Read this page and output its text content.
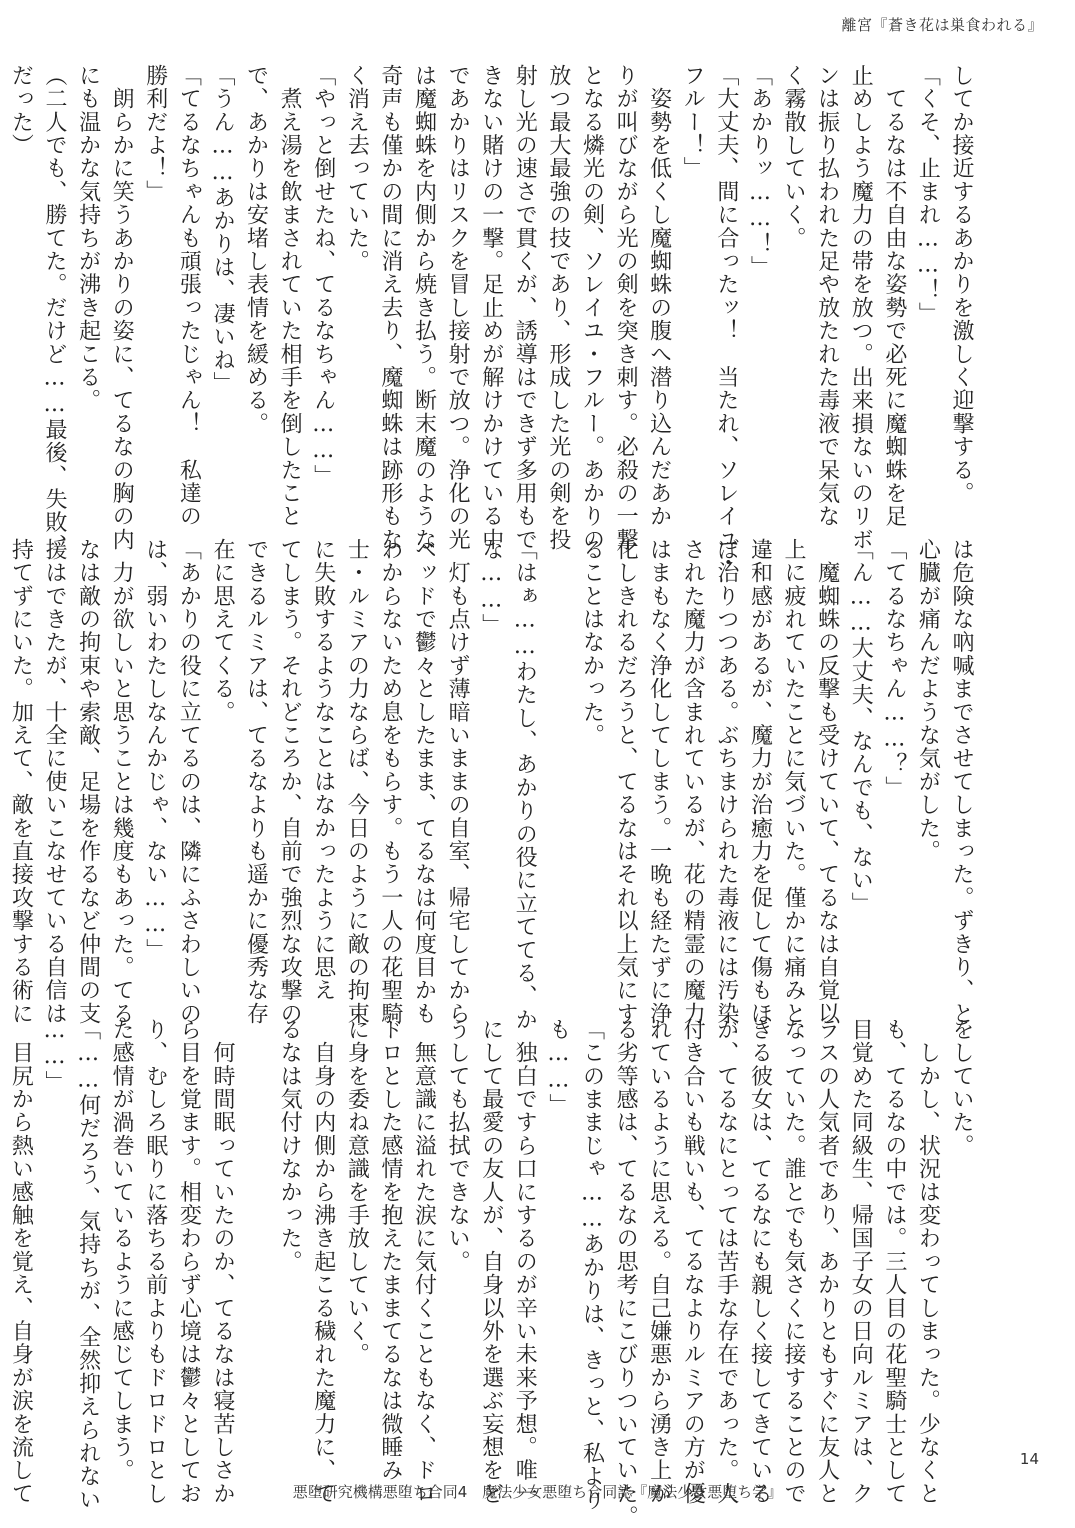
離宮『蒼き花は巣食われる』
してか接近するあかりを激しく迎撃する。
「くそ、止まれ……！」
　てるなは不自由な姿勢で必死に魔蜘蛛を足
止めしよう魔力の帯を放つ。出来損ないのリボ
ンは振り払われた足や放たれた毒液で呆気な
く霧散していく。
「あかりッ……！」
「大丈夫、間に合ったッ！　当たれ、ソレイユ・
フルー！」
　姿勢を低くし魔蜘蛛の腹へ潜り込んだあか
りが叫びながら光の剣を突き刺す。必殺の一撃
となる燐光の剣、ソレイユ・フルー。あかりの
放つ最大最強の技であり、形成した光の剣を投
射し光の速さで貫くが、誘導はできず多用もで
きない賭けの一撃。足止めが解けかけている中
であかりはリスクを冒し接射で放つ。浄化の光
は魔蜘蛛を内側から焼き払う。断末魔のような
奇声も僅かの間に消え去り、魔蜘蛛は跡形もな
く消え去っていた。
「やっと倒せたね、てるなちゃん……」
　煮え湯を飲まされていた相手を倒したこと
で、あかりは安堵し表情を緩める。
「うん……あかりは、凄いね」
「てるなちゃんも頑張ったじゃん！　私達の
勝利だよ！」
　朗らかに笑うあかりの姿に、てるなの胸の内
にも温かな気持ちが沸き起こる。
（二人でも、勝てた。だけど……最後、失敗、
だった）
は危険な吶喊までさせてしまった。ずきり、と
心臓が痛んだような気がした。
「てるなちゃん……？」
「ん……大丈夫、なんでも、ない」
　魔蜘蛛の反撃も受けていて、てるなは自覚以
上に疲れていたことに気づいた。僅かに痛みと
違和感があるが、魔力が治癒力を促して傷もほ
ぼ治りつつある。ぶちまけられた毒液には汚染
された魔力が含まれているが、花の精霊の魔力
はまもなく浄化してしまう。一晩も経たずに浄
化しきれるだろうと、てるなはそれ以上気にす
ることはなかった。
「はぁ……わたし、あかりの役に立ててる、か
な……」
　灯も点けず薄暗いままの自室、帰宅してから
ベッドで鬱々としたまま、てるなは何度目かも
わからないため息をもらす。もう一人の花聖騎
士・ルミアの力ならば、今日のように敵の拘束
に失敗するようなことはなかったように思え
てしまう。それどころか、自前で強烈な攻撃の
できるルミアは、てるなよりも遥かに優秀な存
在に思えてくる。
「あかりの役に立てるのは、隣にふさわしいの
は、弱いわたしなんかじゃ、ない……」
　力が欲しいと思うことは幾度もあった。てる
なは敵の拘束や索敵、足場を作るなど仲間の支
援はできたが、十全に使いこなせている自信は
持てずにいた。加えて、敵を直接攻撃する術に
をしていた。
　しかし、状況は変わってしまった。少なくと
も、てるなの中では。三人目の花聖騎士として
目覚めた同級生、帰国子女の日向ルミアは、ク
ラスの人気者であり、あかりともすぐに友人と
なっていた。誰とでも気さくに接することので
きる彼女は、てるなにも親しく接してきている
が、てるなにとっては苦手な存在であった。人
付き合いも戦いも、てるなよりルミアの方が優
れているように思える。自己嫌悪から湧き上が
る劣等感は、てるなの思考にこびりついていた。
「このままじゃ……あかりは、きっと、私より
も……」
　独白ですら口にするのが辛い未来予想。唯一
にして最愛の友人が、自身以外を選ぶ妄想をど
うしても払拭できない。
　無意識に溢れた涙に気付くこともなく、ドロ
ドロとした感情を抱えたままてるなは微睡み
に身を委ね意識を手放していく。
　自身の内側から沸き起こる穢れた魔力に、て
るなは気付けなかった。
　何時間眠っていたのか、てるなは寝苦しさか
ら目を覚ます。相変わらず心境は鬱々としてお
り、むしろ眠りに落ちる前よりもドロドロとし
た感情が渦巻いているように感じてしまう。
「……何だろう、気持ちが、全然抑えられない
……」
　目尻から熱い感触を覚え、自身が涙を流して	14
悪堕研究機構悪堕ち合同4　魔法少女悪堕ち合同誌『魔法少女悪堕ち学』
